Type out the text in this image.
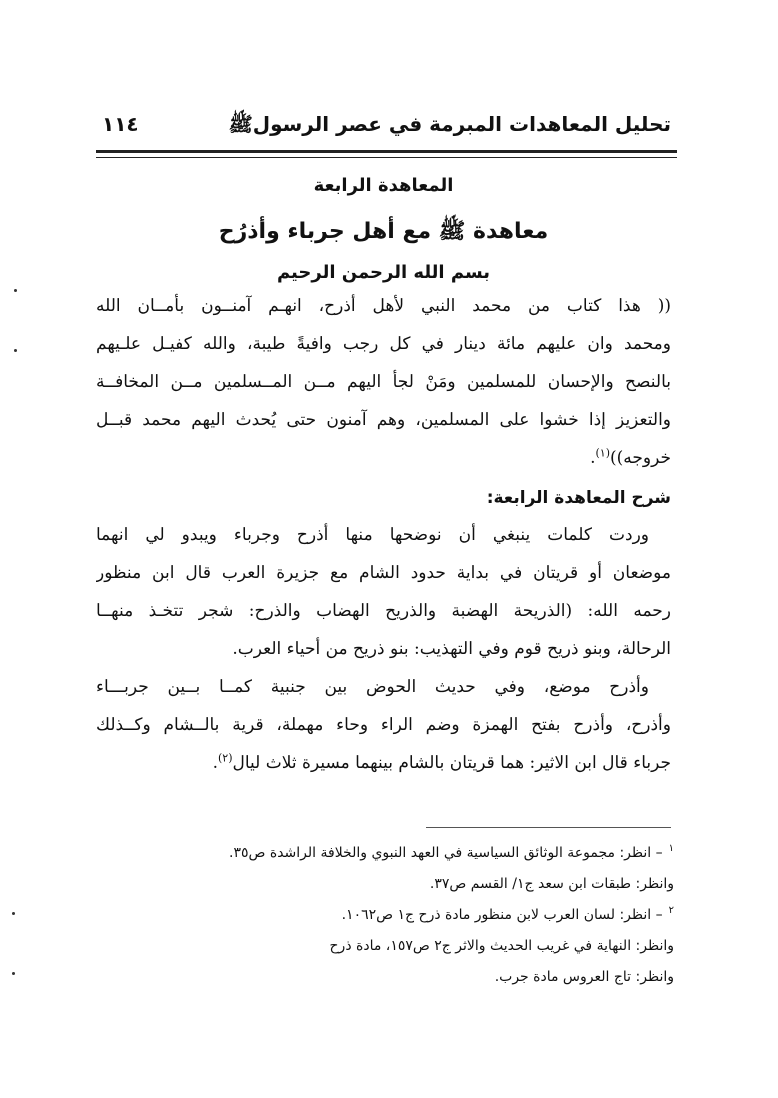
تحليل المعاهدات المبرمة في عصر الرسولﷺ
١١٤
المعاهدة الرابعة
معاهدة ﷺ مع أهل جرباء وأذرُح
بسم الله الرحمن الرحيم
(( هذا كتاب من محمد النبي لأهل أذرح، انهـم آمنــون بأمــان الله
ومحمد وان عليهم مائة دينار في كل رجب وافيةً طيبة، والله كفيـل علـيهم
بالنصح والإحسان للمسلمين ومَنْ لجأ اليهم مــن المــسلمين مــن المخافــة
والتعزيز إذا خشوا على المسلمين، وهم آمنون حتى يُحدث اليهم محمد قبــل
خروجه))$^{(١)}$.
شرح المعاهدة الرابعة:
وردت كلمات ينبغي أن نوضحها منها أذرح وجرباء ويبدو لي انهما
موضعان أو قريتان في بداية حدود الشام مع جزيرة العرب قال ابن منظور
رحمه الله: (الذريحة الهضبة والذريح الهضاب والذرح: شجر تتخـذ منهــا
الرحالة، وبنو ذريح قوم وفي التهذيب: بنو ذريح من أحياء العرب.
وأذرح موضع، وفي حديث الحوض بين جنبية كمــا بــين جربـــاء
وأذرح، وأذرح بفتح الهمزة وضم الراء وحاء مهملة، قرية بالــشام وكــذلك
جرباء قال ابن الاثير: هما قريتان بالشام بينهما مسيرة ثلاث ليال$^{(٢)}$.
$^١$– انظر: مجموعة الوثائق السياسية في العهد النبوي والخلافة الراشدة ص٣٥.
وانظر: طبقات ابن سعد ج١/ القسم ص٣٧.
$^٢$– انظر: لسان العرب لابن منظور مادة ذرح ج١ ص١٠٦٢.
وانظر: النهاية في غريب الحديث والاثر ج٢ ص١٥٧، مادة ذرح
وانظر: تاج العروس مادة جرب.
